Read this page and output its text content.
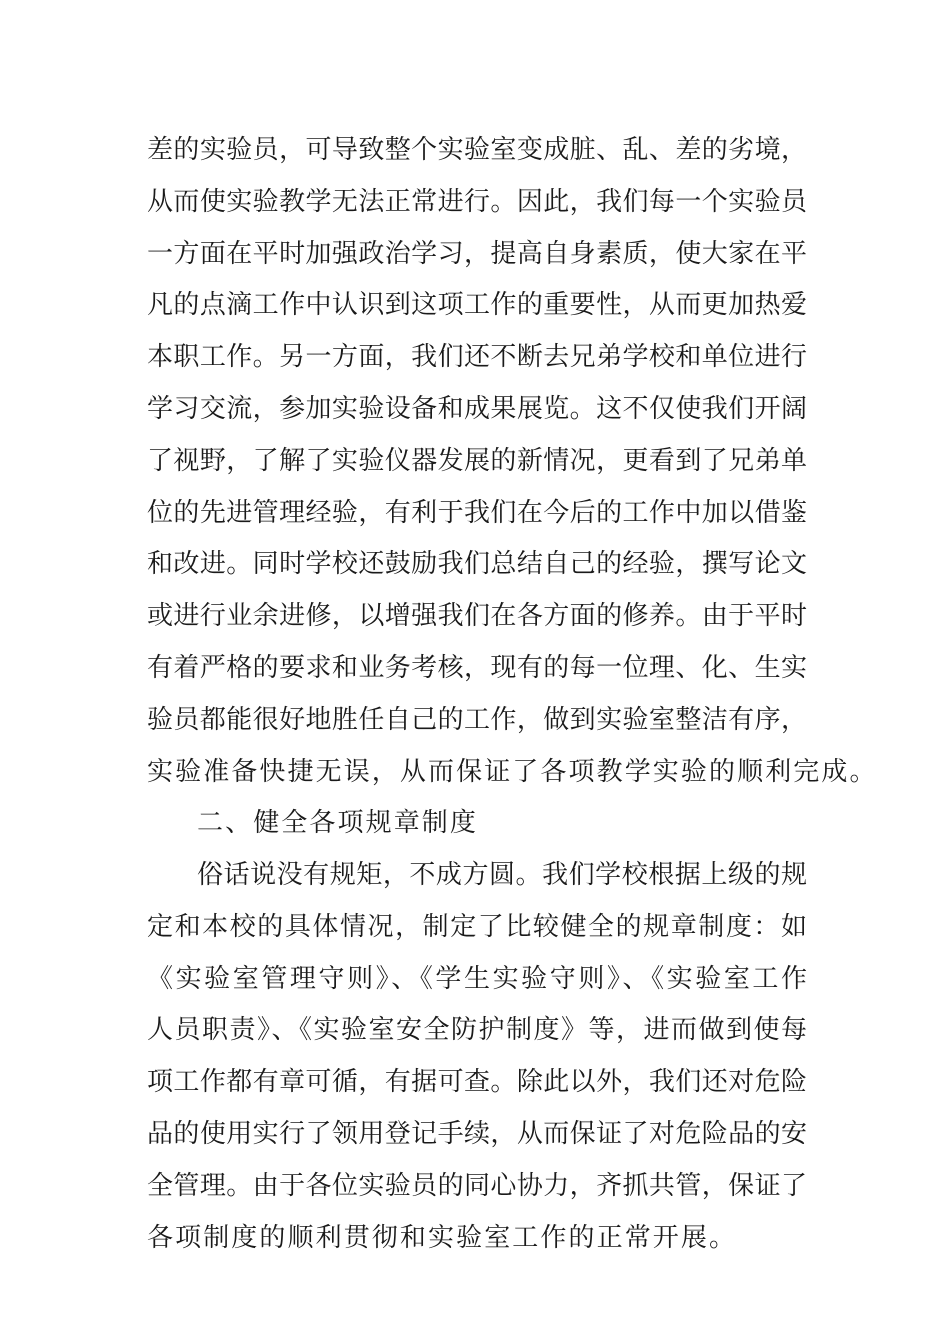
差的实验员，可导致整个实验室变成脏、乱、差的劣境，
从而使实验教学无法正常进行。因此，我们每一个实验员
一方面在平时加强政治学习，提高自身素质，使大家在平
凡的点滴工作中认识到这项工作的重要性，从而更加热爱
本职工作。另一方面，我们还不断去兄弟学校和单位进行
学习交流，参加实验设备和成果展览。这不仅使我们开阔
了视野，了解了实验仪器发展的新情况，更看到了兄弟单
位的先进管理经验，有利于我们在今后的工作中加以借鉴
和改进。同时学校还鼓励我们总结自己的经验，撰写论文
或进行业余进修，以增强我们在各方面的修养。由于平时
有着严格的要求和业务考核，现有的每一位理、化、生实
验员都能很好地胜任自己的工作，做到实验室整洁有序，
实验准备快捷无误，从而保证了各项教学实验的顺利完成。
二、健全各项规章制度
俗话说没有规矩，不成方圆。我们学校根据上级的规
定和本校的具体情况，制定了比较健全的规章制度：如
《实验室管理守则》、《学生实验守则》、《实验室工作
人员职责》、《实验室安全防护制度》等，进而做到使每
项工作都有章可循，有据可查。除此以外，我们还对危险
品的使用实行了领用登记手续，从而保证了对危险品的安
全管理。由于各位实验员的同心协力，齐抓共管，保证了
各项制度的顺利贯彻和实验室工作的正常开展。
